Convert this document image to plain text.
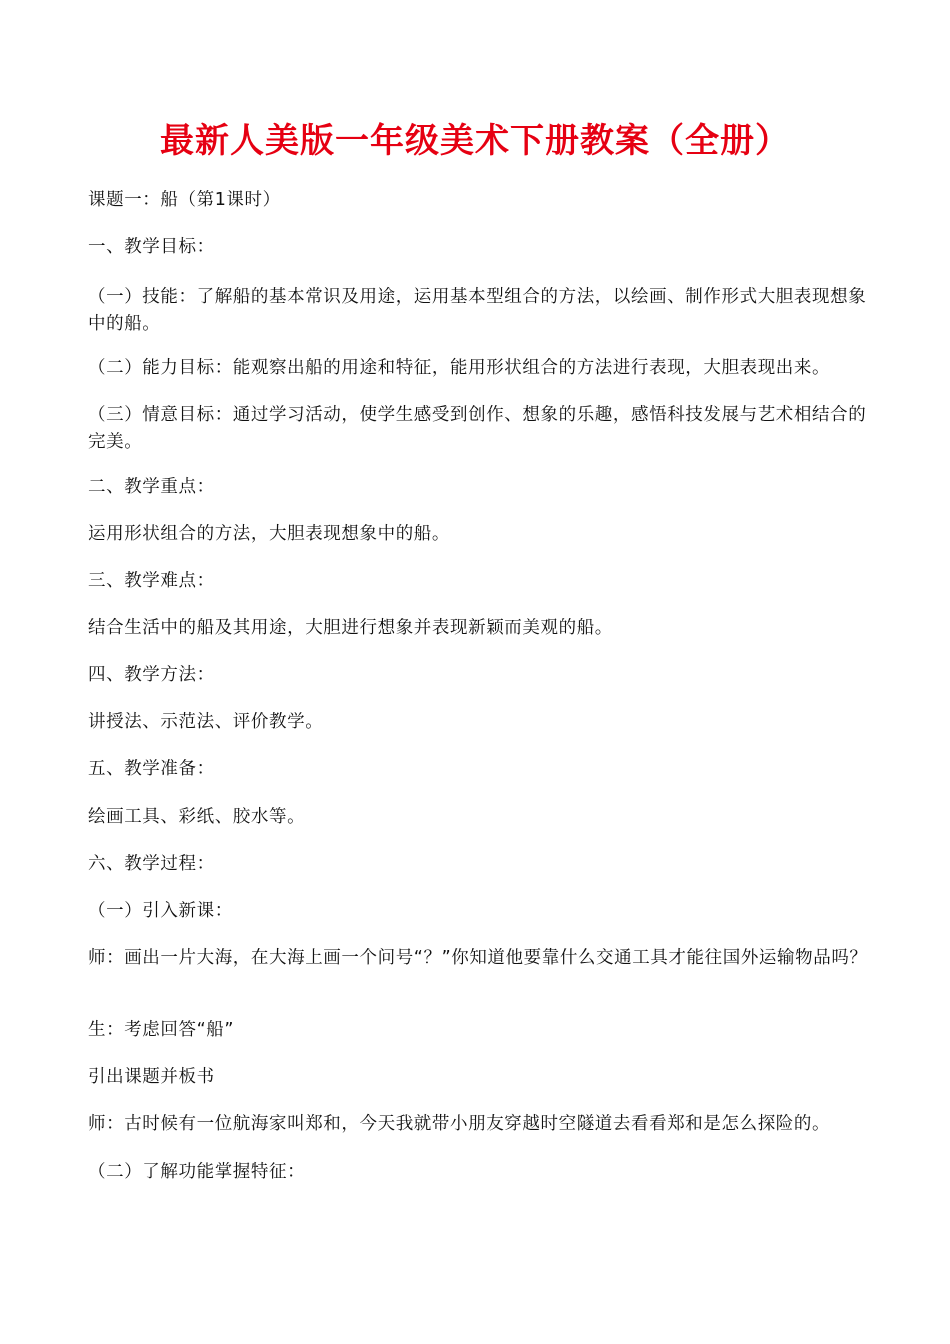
最新人美版一年级美术下册教案（全册）
课题一：船（第1课时）
一、教学目标：
（一）技能：了解船的基本常识及用途，运用基本型组合的方法，以绘画、制作形式大胆表现想象中的船。
（二）能力目标：能观察出船的用途和特征，能用形状组合的方法进行表现，大胆表现出来。
（三）情意目标：通过学习活动，使学生感受到创作、想象的乐趣，感悟科技发展与艺术相结合的完美。
二、教学重点：
运用形状组合的方法，大胆表现想象中的船。
三、教学难点：
结合生活中的船及其用途，大胆进行想象并表现新颖而美观的船。
四、教学方法：
讲授法、示范法、评价教学。
五、教学准备：
绘画工具、彩纸、胶水等。
六、教学过程：
（一）引入新课：
师：画出一片大海，在大海上画一个问号“？”你知道他要靠什么交通工具才能往国外运输物品吗？
生：考虑回答“船”
引出课题并板书
师：古时候有一位航海家叫郑和，今天我就带小朋友穿越时空隧道去看看郑和是怎么探险的。
（二）了解功能掌握特征：
